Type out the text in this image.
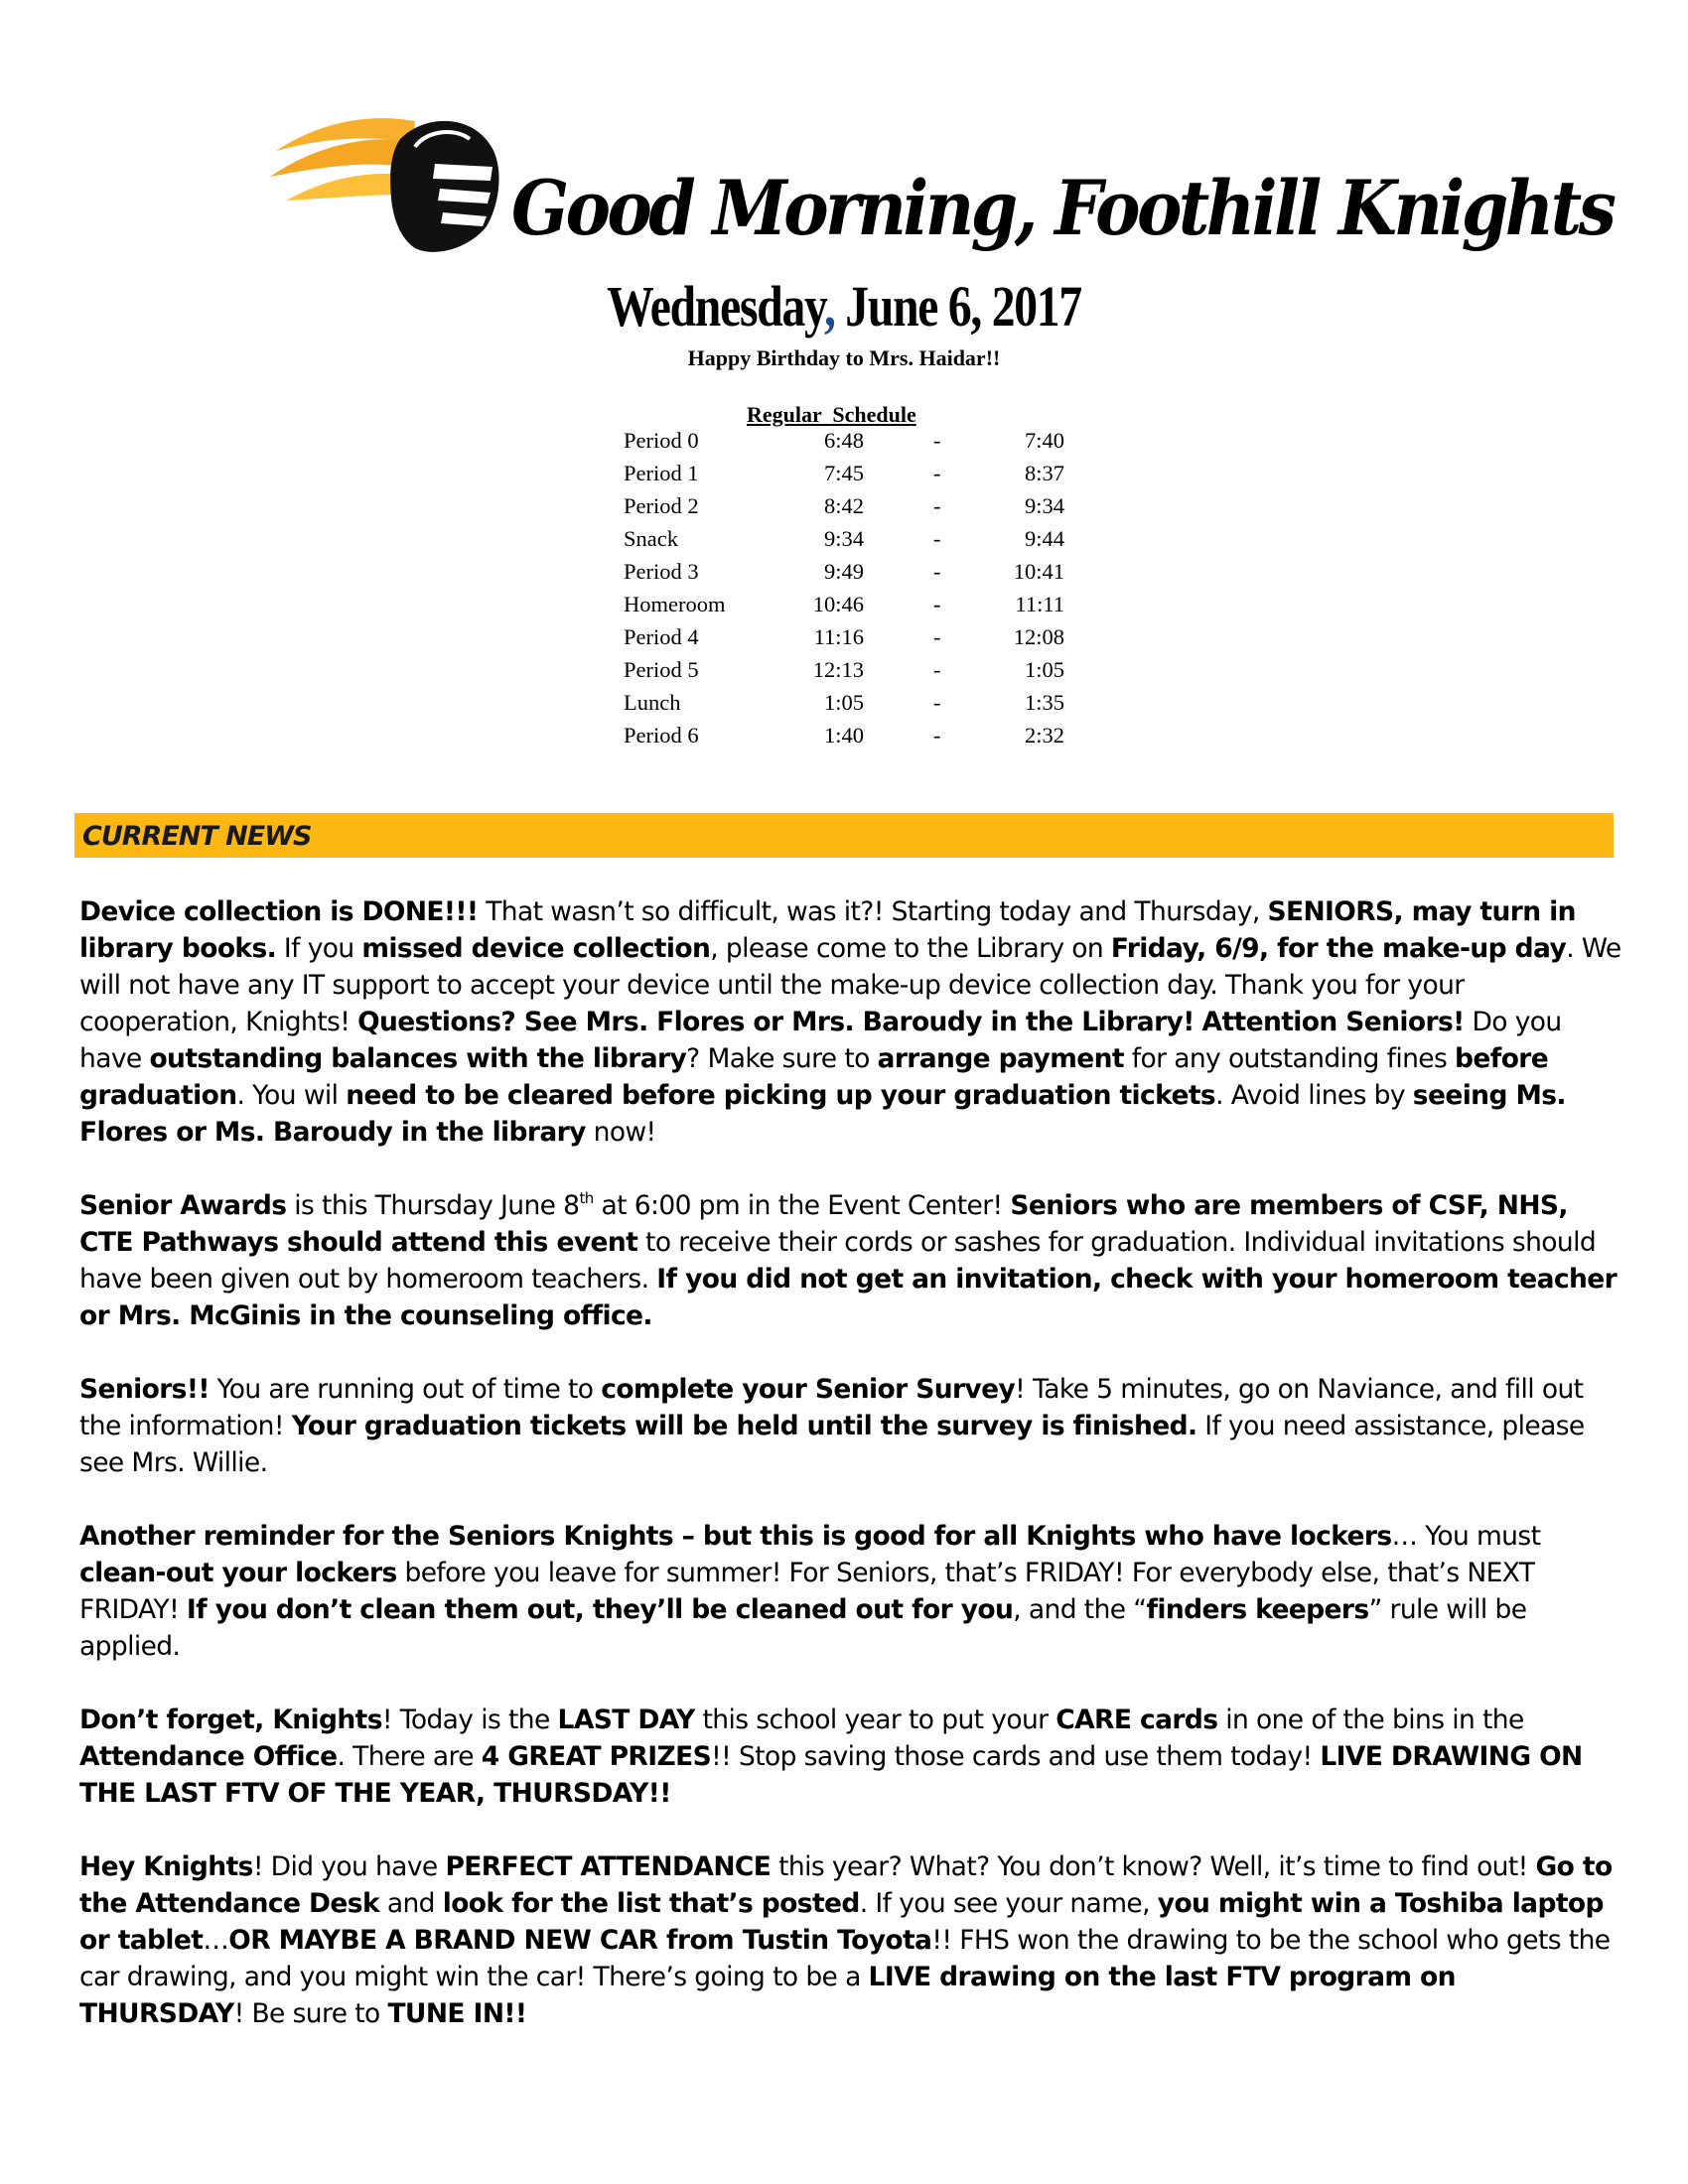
Good Morning, Foothill Knights
Wednesday, June 6, 2017
Happy Birthday to Mrs. Haidar!!
Regular  Schedule
Period 0	6:48	-	7:40
Period 1	7:45	-	8:37
Period 2	8:42	-	9:34
Snack	9:34	-	9:44
Period 3	9:49	-	10:41
Homeroom	10:46	-	11:11
Period 4	11:16	-	12:08
Period 5	12:13	-	1:05
Lunch	1:05	-	1:35
Period 6	1:40	-	2:32
CURRENT NEWS

Device collection is DONE!!! That wasn’t so difficult, was it?! Starting today and Thursday, SENIORS, may turn in library books. If you missed device collection, please come to the Library on Friday, 6/9, for the make-up day. We will not have any IT support to accept your device until the make-up device collection day. Thank you for your cooperation, Knights! Questions? See Mrs. Flores or Mrs. Baroudy in the Library! Attention Seniors! Do you have outstanding balances with the library? Make sure to arrange payment for any outstanding fines before graduation. You wil need to be cleared before picking up your graduation tickets. Avoid lines by seeing Ms. Flores or Ms. Baroudy in the library now!

Senior Awards is this Thursday June 8th at 6:00 pm in the Event Center! Seniors who are members of CSF, NHS, CTE Pathways should attend this event to receive their cords or sashes for graduation. Individual invitations should have been given out by homeroom teachers. If you did not get an invitation, check with your homeroom teacher or Mrs. McGinis in the counseling office.

Seniors!! You are running out of time to complete your Senior Survey! Take 5 minutes, go on Naviance, and fill out the information! Your graduation tickets will be held until the survey is finished. If you need assistance, please see Mrs. Willie.

Another reminder for the Seniors Knights – but this is good for all Knights who have lockers… You must clean-out your lockers before you leave for summer! For Seniors, that’s FRIDAY! For everybody else, that’s NEXT FRIDAY! If you don’t clean them out, they’ll be cleaned out for you, and the “finders keepers” rule will be applied.

Don’t forget, Knights! Today is the LAST DAY this school year to put your CARE cards in one of the bins in the Attendance Office. There are 4 GREAT PRIZES!! Stop saving those cards and use them today! LIVE DRAWING ON THE LAST FTV OF THE YEAR, THURSDAY!!

Hey Knights! Did you have PERFECT ATTENDANCE this year? What? You don’t know? Well, it’s time to find out! Go to the Attendance Desk and look for the list that’s posted. If you see your name, you might win a Toshiba laptop or tablet…OR MAYBE A BRAND NEW CAR from Tustin Toyota!! FHS won the drawing to be the school who gets the car drawing, and you might win the car! There’s going to be a LIVE drawing on the last FTV program on THURSDAY! Be sure to TUNE IN!!
